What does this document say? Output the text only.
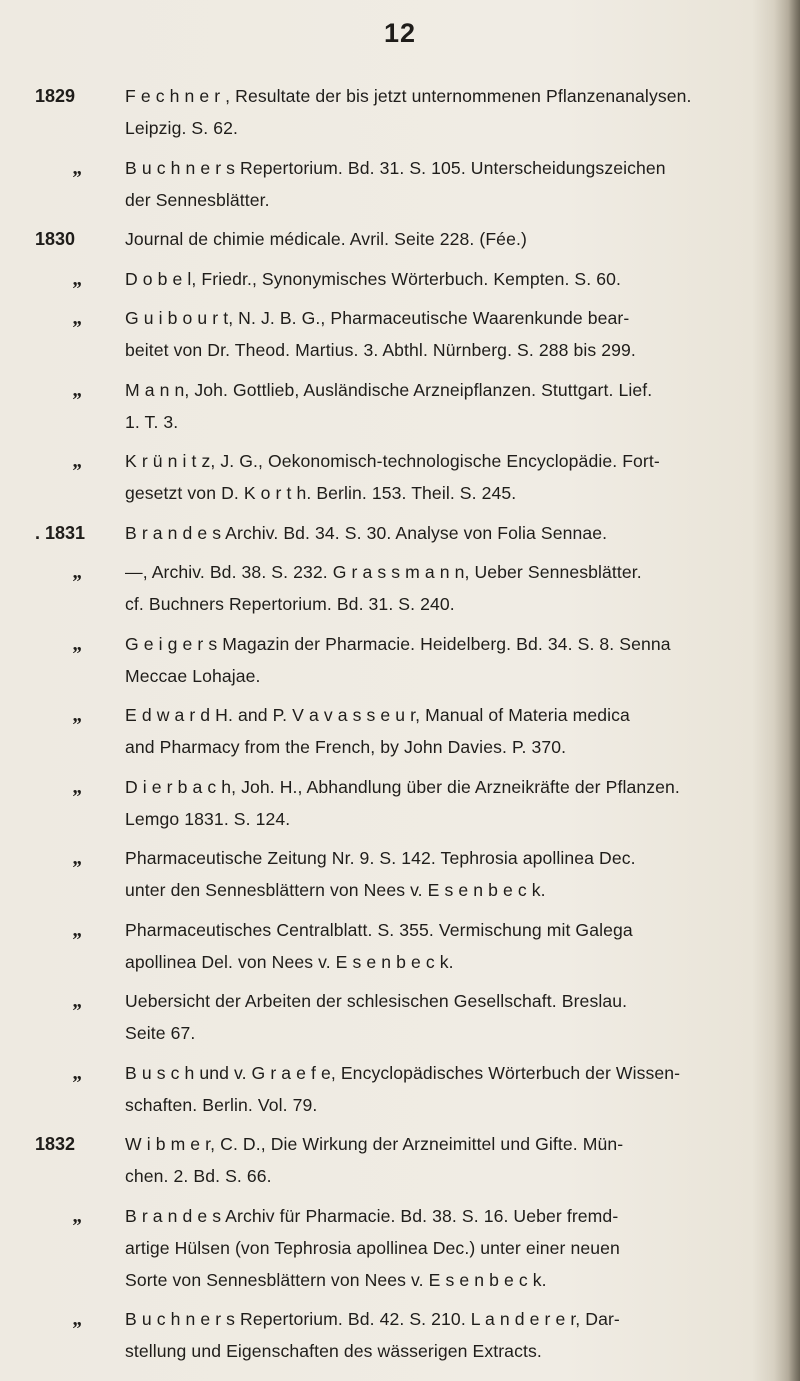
12
1829	F e c h n e r , Resultate der bis jetzt unternommenen Pflanzenanalysen.
Leipzig. S. 62.
„ B u c h n e r s Repertorium. Bd. 31. S. 105. Unterscheidungszeichen
der Sennesblätter.
1830	Journal de chimie médicale. Avril. Seite 228. (Fée.)
„ D o b e l, Friedr., Synonymisches Wörterbuch. Kempten. S. 60.
„ G u i b o u r t, N. J. B. G., Pharmaceutische Waarenkunde bear-
beitet von Dr. Theod. Martius. 3. Abthl. Nürnberg. S. 288 bis 299.
„ M a n n, Joh. Gottlieb, Ausländische Arzneipflanzen. Stuttgart. Lief.
1. T. 3.
„ K r ü n i t z, J. G., Oekonomisch-technologische Encyclopädie. Fort-
gesetzt von D. K o r t h. Berlin. 153. Theil. S. 245.
. 1831 B r a n d e s Archiv. Bd. 34. S. 30. Analyse von Folia Sennae.
„ —, Archiv. Bd. 38. S. 232. G r a s s m a n n, Ueber Sennesblätter.
cf. Buchners Repertorium. Bd. 31. S. 240.
„ G e i g e r s Magazin der Pharmacie. Heidelberg. Bd. 34. S. 8. Senna
Meccae Lohajae.
„ E d w a r d H. and P. V a v a s s e u r, Manual of Materia medica
and Pharmacy from the French, by John Davies. P. 370.
„ D i e r b a c h, Joh. H., Abhandlung über die Arzneikräfte der Pflanzen.
Lemgo 1831. S. 124.
„ Pharmaceutische Zeitung Nr. 9. S. 142. Tephrosia apollinea Dec.
unter den Sennesblättern von Nees v. E s e n b e c k.
„ Pharmaceutisches Centralblatt. S. 355. Vermischung mit Galega
apollinea Del. von Nees v. E s e n b e c k.
„ Uebersicht der Arbeiten der schlesischen Gesellschaft. Breslau.
Seite 67.
„ B u s c h und v. G r a e f e, Encyclopädisches Wörterbuch der Wissen-
schaften. Berlin. Vol. 79.
1832	W i b m e r, C. D., Die Wirkung der Arzneimittel und Gifte. Mün-
chen. 2. Bd. S. 66.
„ B r a n d e s Archiv für Pharmacie. Bd. 38. S. 16. Ueber fremd-
artige Hülsen (von Tephrosia apollinea Dec.) unter einer neuen
Sorte von Sennesblättern von Nees v. E s e n b e c k.
„ B u c h n e r s Repertorium. Bd. 42. S. 210. L a n d e r e r, Dar-
stellung und Eigenschaften des wässerigen Extracts.
